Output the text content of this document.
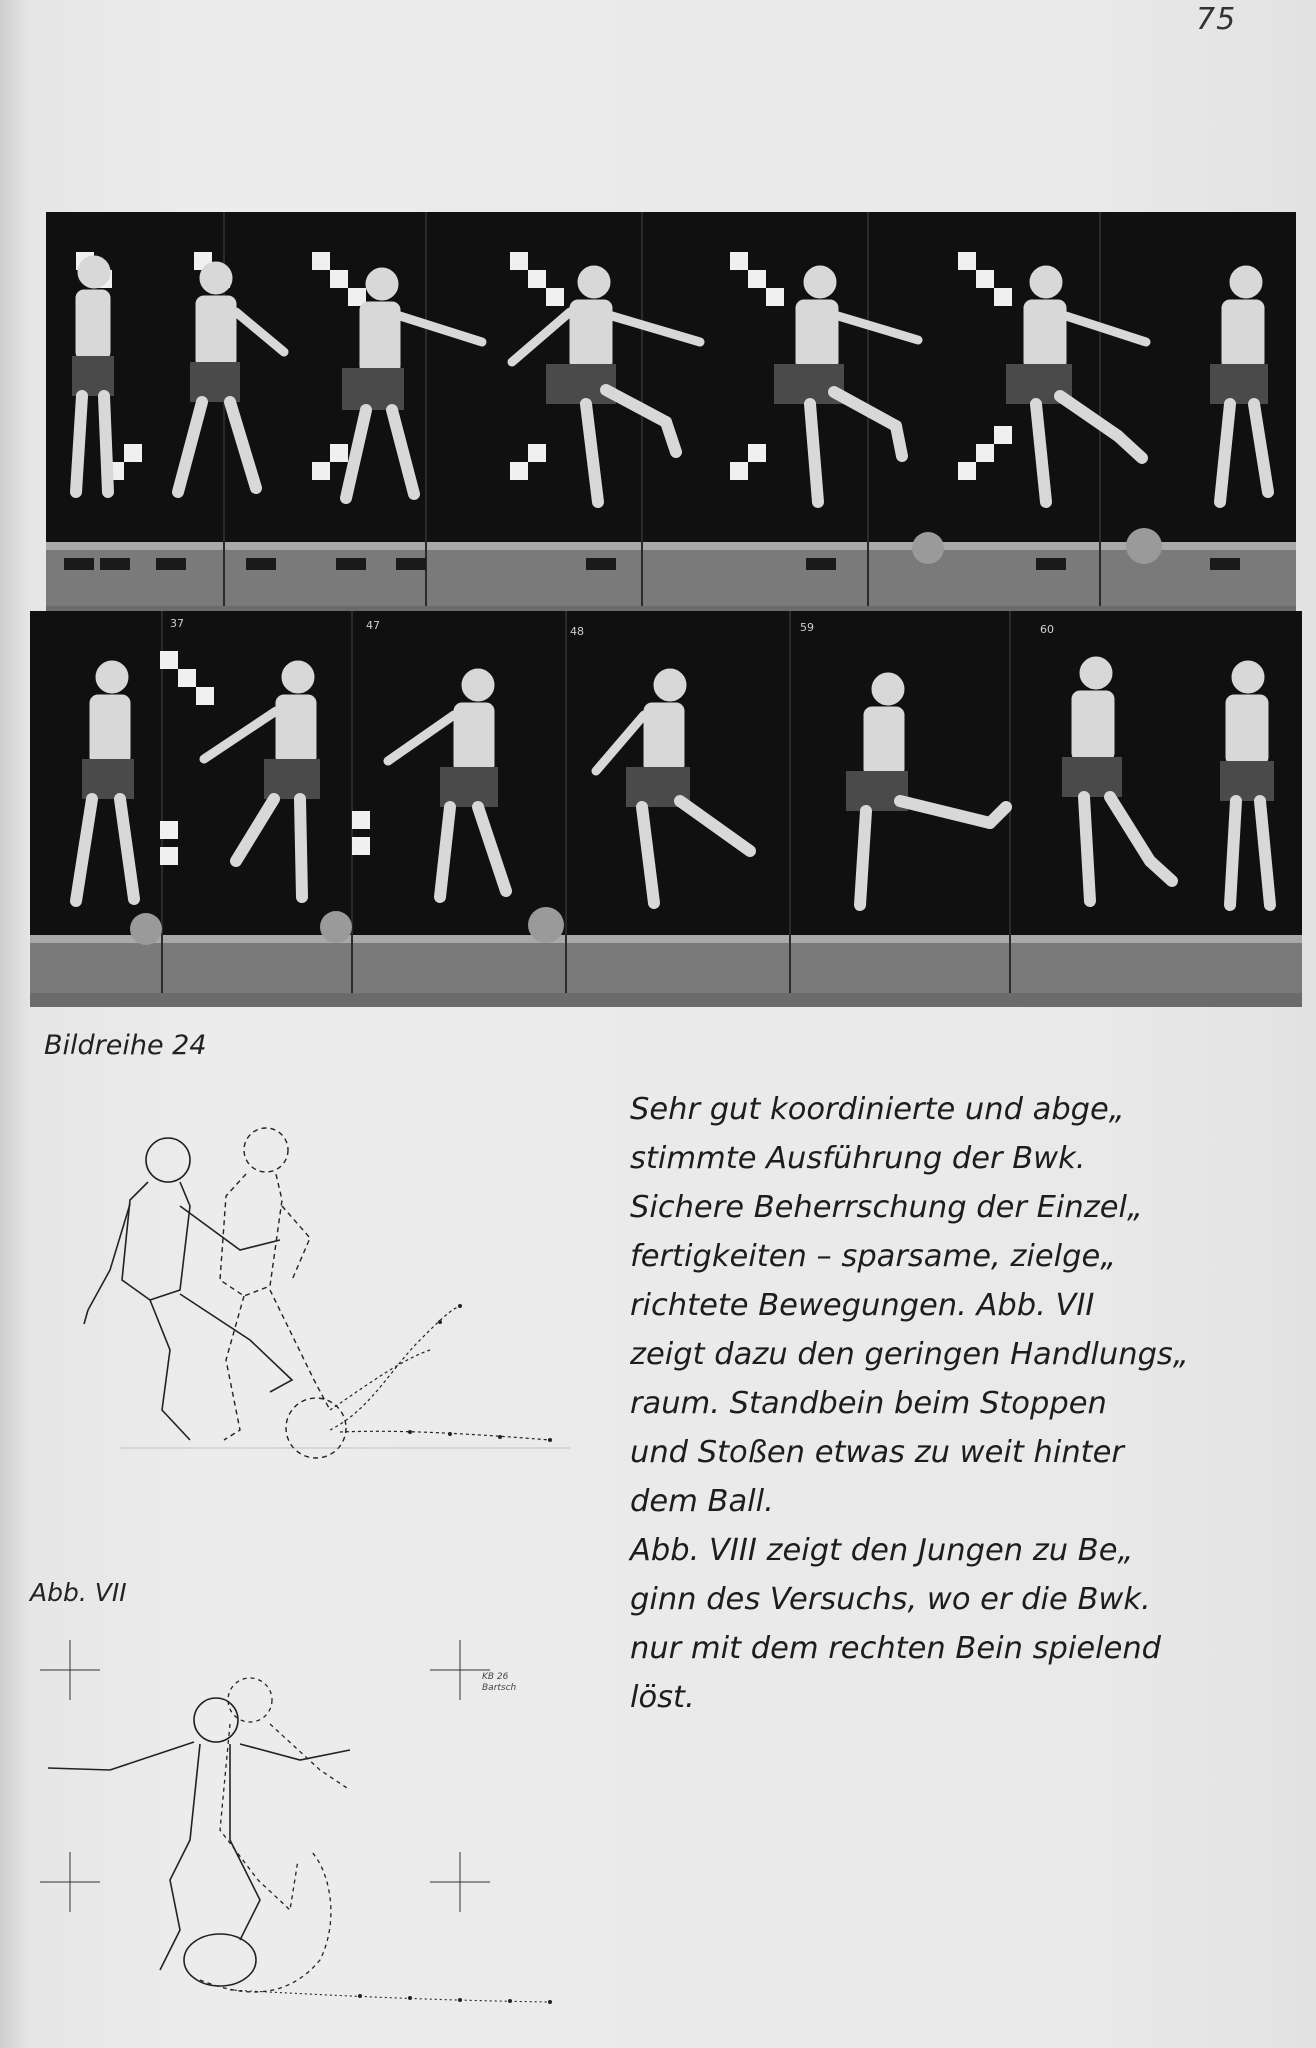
75
37	47	48	59	60
Bildreihe 24
Abb. VII
KB 26
Bartsch
Sehr gut koordinierte und abge„
stimmte Ausführung der Bwk.
Sichere Beherrschung der Einzel„
fertigkeiten – sparsame, zielge„
richtete Bewegungen. Abb. VII
zeigt dazu den geringen Handlungs„
raum. Standbein beim Stoppen
und Stoßen etwas zu weit hinter
dem Ball.
Abb. VIII zeigt den Jungen zu Be„
ginn des Versuchs, wo er die Bwk.
nur mit dem rechten Bein spielend
löst.
